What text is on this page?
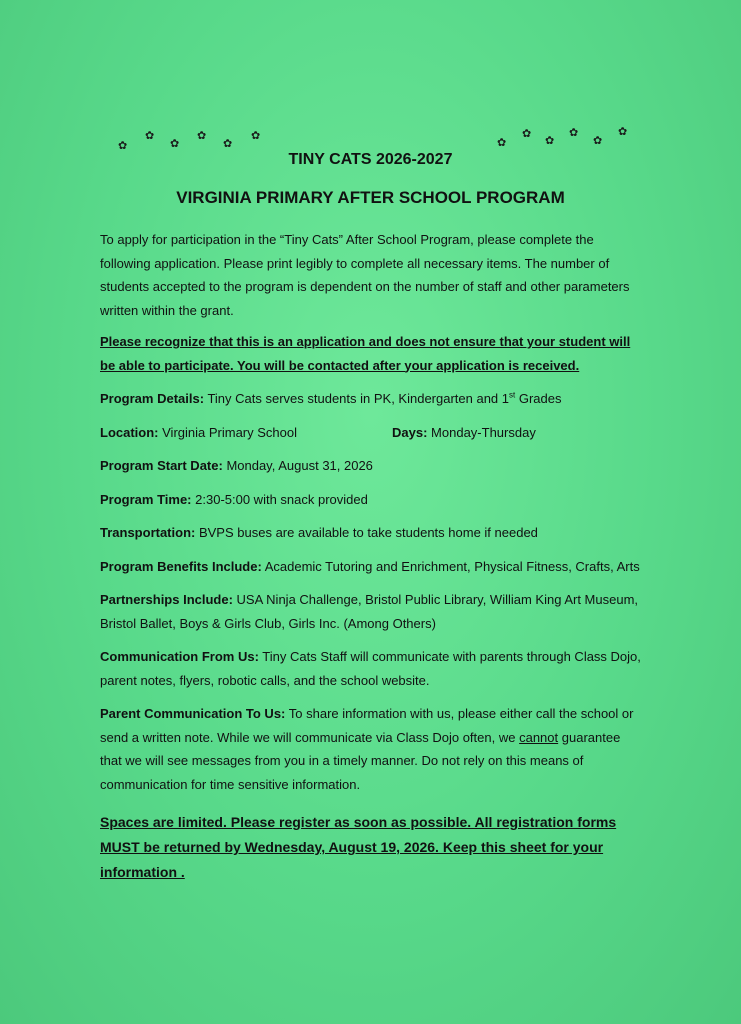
✿
✿
✿
✿
✿
✿
✿
✿
✿
✿
✿
✿
TINY CATS 2026-2027
VIRGINIA PRIMARY AFTER SCHOOL PROGRAM

To apply for participation in the “Tiny Cats” After School Program, please complete the following application. Please print legibly to complete all necessary items. The number of students accepted to the program is dependent on the number of staff and other parameters written within the grant.

Please recognize that this is an application and does not ensure that your student will be able to participate. You will be contacted after your application is received.

Program Details: Tiny Cats serves students in PK, Kindergarten and 1st Grades
Location: Virginia Primary School	Days: Monday-Thursday
Program Start Date: Monday, August 31, 2026
Program Time: 2:30-5:00 with snack provided
Transportation: BVPS buses are available to take students home if needed
Program Benefits Include: Academic Tutoring and Enrichment, Physical Fitness, Crafts, Arts
Partnerships Include: USA Ninja Challenge, Bristol Public Library, William King Art Museum, Bristol Ballet, Boys & Girls Club, Girls Inc. (Among Others)
Communication From Us: Tiny Cats Staff will communicate with parents through Class Dojo, parent notes, flyers, robotic calls, and the school website.
Parent Communication To Us: To share information with us, please either call the school or send a written note. While we will communicate via Class Dojo often, we cannot guarantee that we will see messages from you in a timely manner. Do not rely on this means of communication for time sensitive information.

Spaces are limited. Please register as soon as possible. All registration forms MUST be returned by Wednesday, August 19, 2026. Keep this sheet for your information .
